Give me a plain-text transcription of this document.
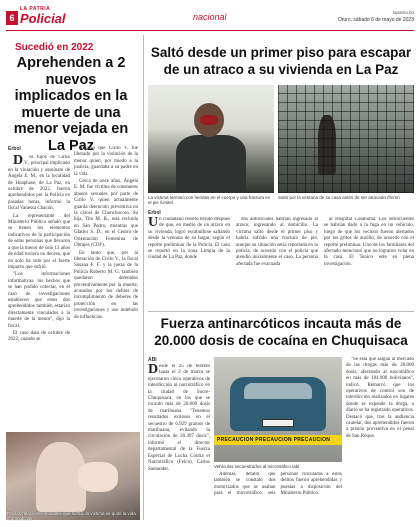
6
LA PATRIA
Policial	nacional	lapatria.bo
Oruro, sábado 6 de mayo de 2023
Sucedió en 2022
Aprehenden a 2 nuevos implicados en la muerte de una menor vejada en La Paz
Erbol

D os hijos de Cirilo V., principal implicado en la violación y asesinato de Ángela E. M., en la localidad de Huaphase, de La Paz, en octubre de 2022, fueron aprehendidos por la Policía en pasadas horas, informó la fiscal Vanessa Chacón.

La representante del Ministerio Público señaló que se tienen los elementos indicativos de la participación de estas personas que llevaron a que la menor de solo 13 años de edad tuviera un deceso, que no solo ha sido por el fuerte impacto que sufrió.

"Los informaciones informativas, los hechos que se han podido colectar, en el caso de investigaciones establecen que estos dos aprehendidos también estarían directamente vinculados a la muerte de la menor", dijo la fiscal.

El caso data de octubre de 2022, cuando se

conoció que Cirilo V. fue liberado por la violación de la menor quien, por miedo a la justicia, guardaba a su padre en la vida.

Cerca de once años, Ángela E. M. fue víctima de constantes abusos sexuales por parte de Cirilo V. quien actualmente guarda detención preventiva en la cárcel de Chonchocoro. Su hija, Tita M. B., está recluida en San Pedro, mientras que Gladys S. D., en el Centro de Orientación Femenina de Obrajes (COF).

En tanto que, por la liberación de Cirilo V., la fiscal Susana F. F. y la jueza de la Policía Roberto M. G. también quedaron detenidos preventivamente por la muerte, acusados por los delitos de incumplimiento de deberes de protección en las investigaciones y uso indebido de influencias.

Por las relaciones sexuales que sufría, la víctima se quitó la vida /fmmnoticias
Saltó desde un primer piso para escapar de un atraco a su vivienda en La Paz
La víctima terminó con heridas en el cuerpo y una fractura en el pie /Unitel
Saltó por la ventana de su casa antes de ser atracado /fmmn
Erbol

Un ciudadano resultó herido después de que, en medio de un atraco en su vivienda, logró escabullirse saltando desde la ventana de su hogar, según el reporte preliminar de la Policía. El caso se reportó en la zona Limpia de la ciudad de La Paz, donde

dos antisociales habrían ingresado al atraco, ingresando al domicilio. La víctima saltó desde el primer piso y habría sufrido una fractura de pie, aunque su situación sería reportada en la policía, de acuerdo con el policía que atendió inicialmente el caso. La persona afectada fue evacuada

al Hospital Cotahuma. Los delincuentes se habrían dado a la fuga en un vehículo, luego de que los vecinos fueron alertados por los gritos de auxilio, de acuerdo con el reporte preliminar. Uno de los familiares del afectado mencionó que no lograron volar en la casa. El Tenico este en plena investigación.

Fuerza antinarcóticos incauta más de 20.000 dosis de cocaína en Chuquisaca
ABI

Desde el 25 de febrero hasta el 2 de marzo se ejecutaron cinco operativos de interdicción al narcotráfico en la ciudad de Sucre-Chuquisaca, en los que se incautó más de 20.000 dosis de marihuana. "Tenemos resultados exitosos en el secuestro de 6.929 gramos de marihuana, evitando la circulación de 20.497 dosis", informó el director departamental de la Fuerza Especial de Lucha Contra el Narcotráfico (Felcn), Carlos Santander.

PRECAUCION PRECAUCION PRECAUCION
Vehículos secuestrados al microtráfico /abi

Además, detalló que también se constató dos motorizados que se usaban para el microtráfico, seis personas vinculadas a estos delitos fueron aprehendidas y puestas a disposición del Ministerio Público.

"Se está que salgan al mercado de las drogas más de 20.000 dosis, afectando al narcotráfico en más de 184.900 bolivianos", indicó. Remarcó que los operativos de control son de interdicción realizados en lugares donde se expende la droga, a diario se ha registrado operativos. Destacó que, tras la audiencia cautelar, dos aprehendidos fueron a prisión preventiva en el penal de San Roque.
